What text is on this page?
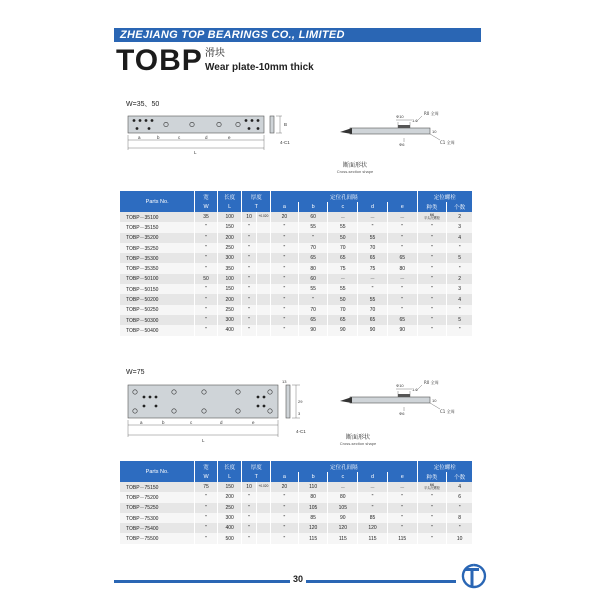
ZHEJIANG TOP BEARINGS CO., LIMITED
TOBP 滑块
Wear plate-10mm thick
W=35、50
a	b	c	d	e
L
B
4-C1
Φ10
1.6
R0 全周
Φ6	C1 全周
10
断面形状
Cross-section shape
Parts No.	宽	长度	厚度		定位孔间隔					定位螺栓	
	W	L	T		a	b	c	d	e	种类	个数
TOBP－35100	35	100	10	+0.020	20	60	－	－	－	M6
平头沉螺栓	2
TOBP－35150	"	150	"		"	55	55	"	"	"	3
TOBP－35200	"	200	"		"	"	50	55	"	"	4
TOBP－35250	"	250	"		"	70	70	70	"	"	"
TOBP－35300	"	300	"		"	65	65	65	65	"	5
TOBP－35350	"	350	"		"	80	75	75	80	"	"
TOBP－50100	50	100	"		"	60	－	－	－	"	2
TOBP－50150	"	150	"		"	55	55	"	"	"	3
TOBP－50200	"	200	"		"	"	50	55	"	"	4
TOBP－50250	"	250	"		"	70	70	70	"	"	"
TOBP－50300	"	300	"		"	65	65	65	65	"	5
TOBP－50400	"	400	"		"	90	90	90	90	"	"
W=75
a	b	c	d	e
L
13
29
3
4-C1
Φ10
1.6
R0 全周
Φ6	C1 全周
10
断面形状
Cross-section shape
Parts No.	宽	长度	厚度		定位孔间隔					定位螺栓	
	W	L	T		a	b	c	d	e	种类	个数
TOBP－75150	75	150	10	+0.020	20	110	－	－	－	M6
平头沉螺栓	4
TOBP－75200	"	200	"		"	80	80	"	"	"	6
TOBP－75250	"	250	"		"	105	105	"	"	"	"
TOBP－75300	"	300	"		"	85	90	85	"	"	8
TOBP－75400	"	400	"		"	120	120	120	"	"	"
TOBP－75500	"	500	"		"	115	115	115	115	"	10
30
